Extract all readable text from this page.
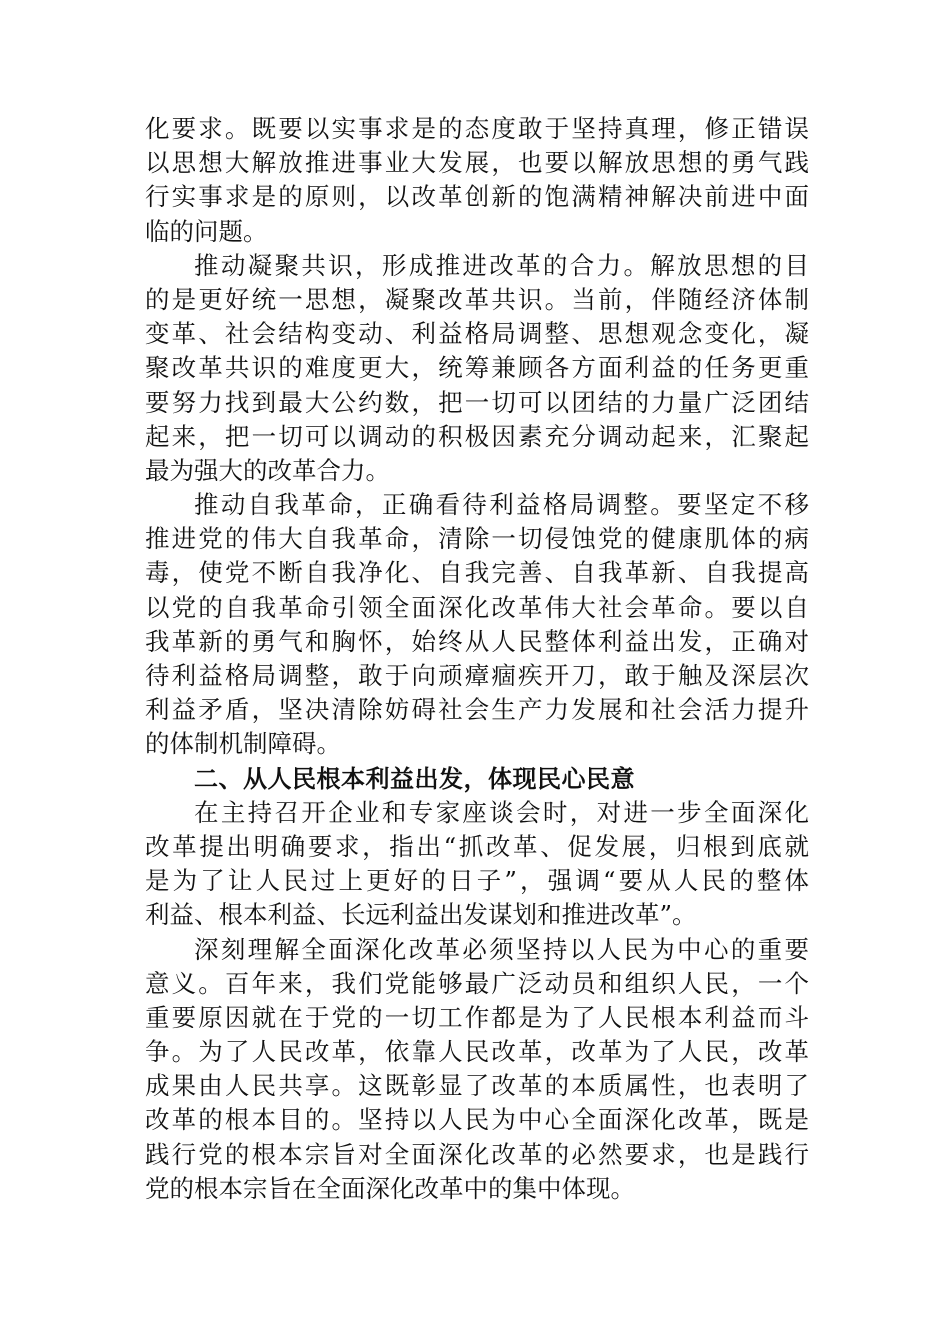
化要求。既要以实事求是的态度敢于坚持真理，修正错误
以思想大解放推进事业大发展，也要以解放思想的勇气践
行实事求是的原则，以改革创新的饱满精神解决前进中面
临的问题。
推动凝聚共识，形成推进改革的合力。解放思想的目
的是更好统一思想，凝聚改革共识。当前，伴随经济体制
变革、社会结构变动、利益格局调整、思想观念变化，凝
聚改革共识的难度更大，统筹兼顾各方面利益的任务更重
要努力找到最大公约数，把一切可以团结的力量广泛团结
起来，把一切可以调动的积极因素充分调动起来，汇聚起
最为强大的改革合力。
推动自我革命，正确看待利益格局调整。要坚定不移
推进党的伟大自我革命，清除一切侵蚀党的健康肌体的病
毒，使党不断自我净化、自我完善、自我革新、自我提高
以党的自我革命引领全面深化改革伟大社会革命。要以自
我革新的勇气和胸怀，始终从人民整体利益出发，正确对
待利益格局调整，敢于向顽瘴痼疾开刀，敢于触及深层次
利益矛盾，坚决清除妨碍社会生产力发展和社会活力提升
的体制机制障碍。
二、从人民根本利益出发，体现民心民意
在主持召开企业和专家座谈会时，对进一步全面深化
改革提出明确要求，指出“抓改革、促发展，归根到底就
是为了让人民过上更好的日子”，强调“要从人民的整体
利益、根本利益、长远利益出发谋划和推进改革”。
深刻理解全面深化改革必须坚持以人民为中心的重要
意义。百年来，我们党能够最广泛动员和组织人民，一个
重要原因就在于党的一切工作都是为了人民根本利益而斗
争。为了人民改革，依靠人民改革，改革为了人民，改革
成果由人民共享。这既彰显了改革的本质属性，也表明了
改革的根本目的。坚持以人民为中心全面深化改革，既是
践行党的根本宗旨对全面深化改革的必然要求，也是践行
党的根本宗旨在全面深化改革中的集中体现。
